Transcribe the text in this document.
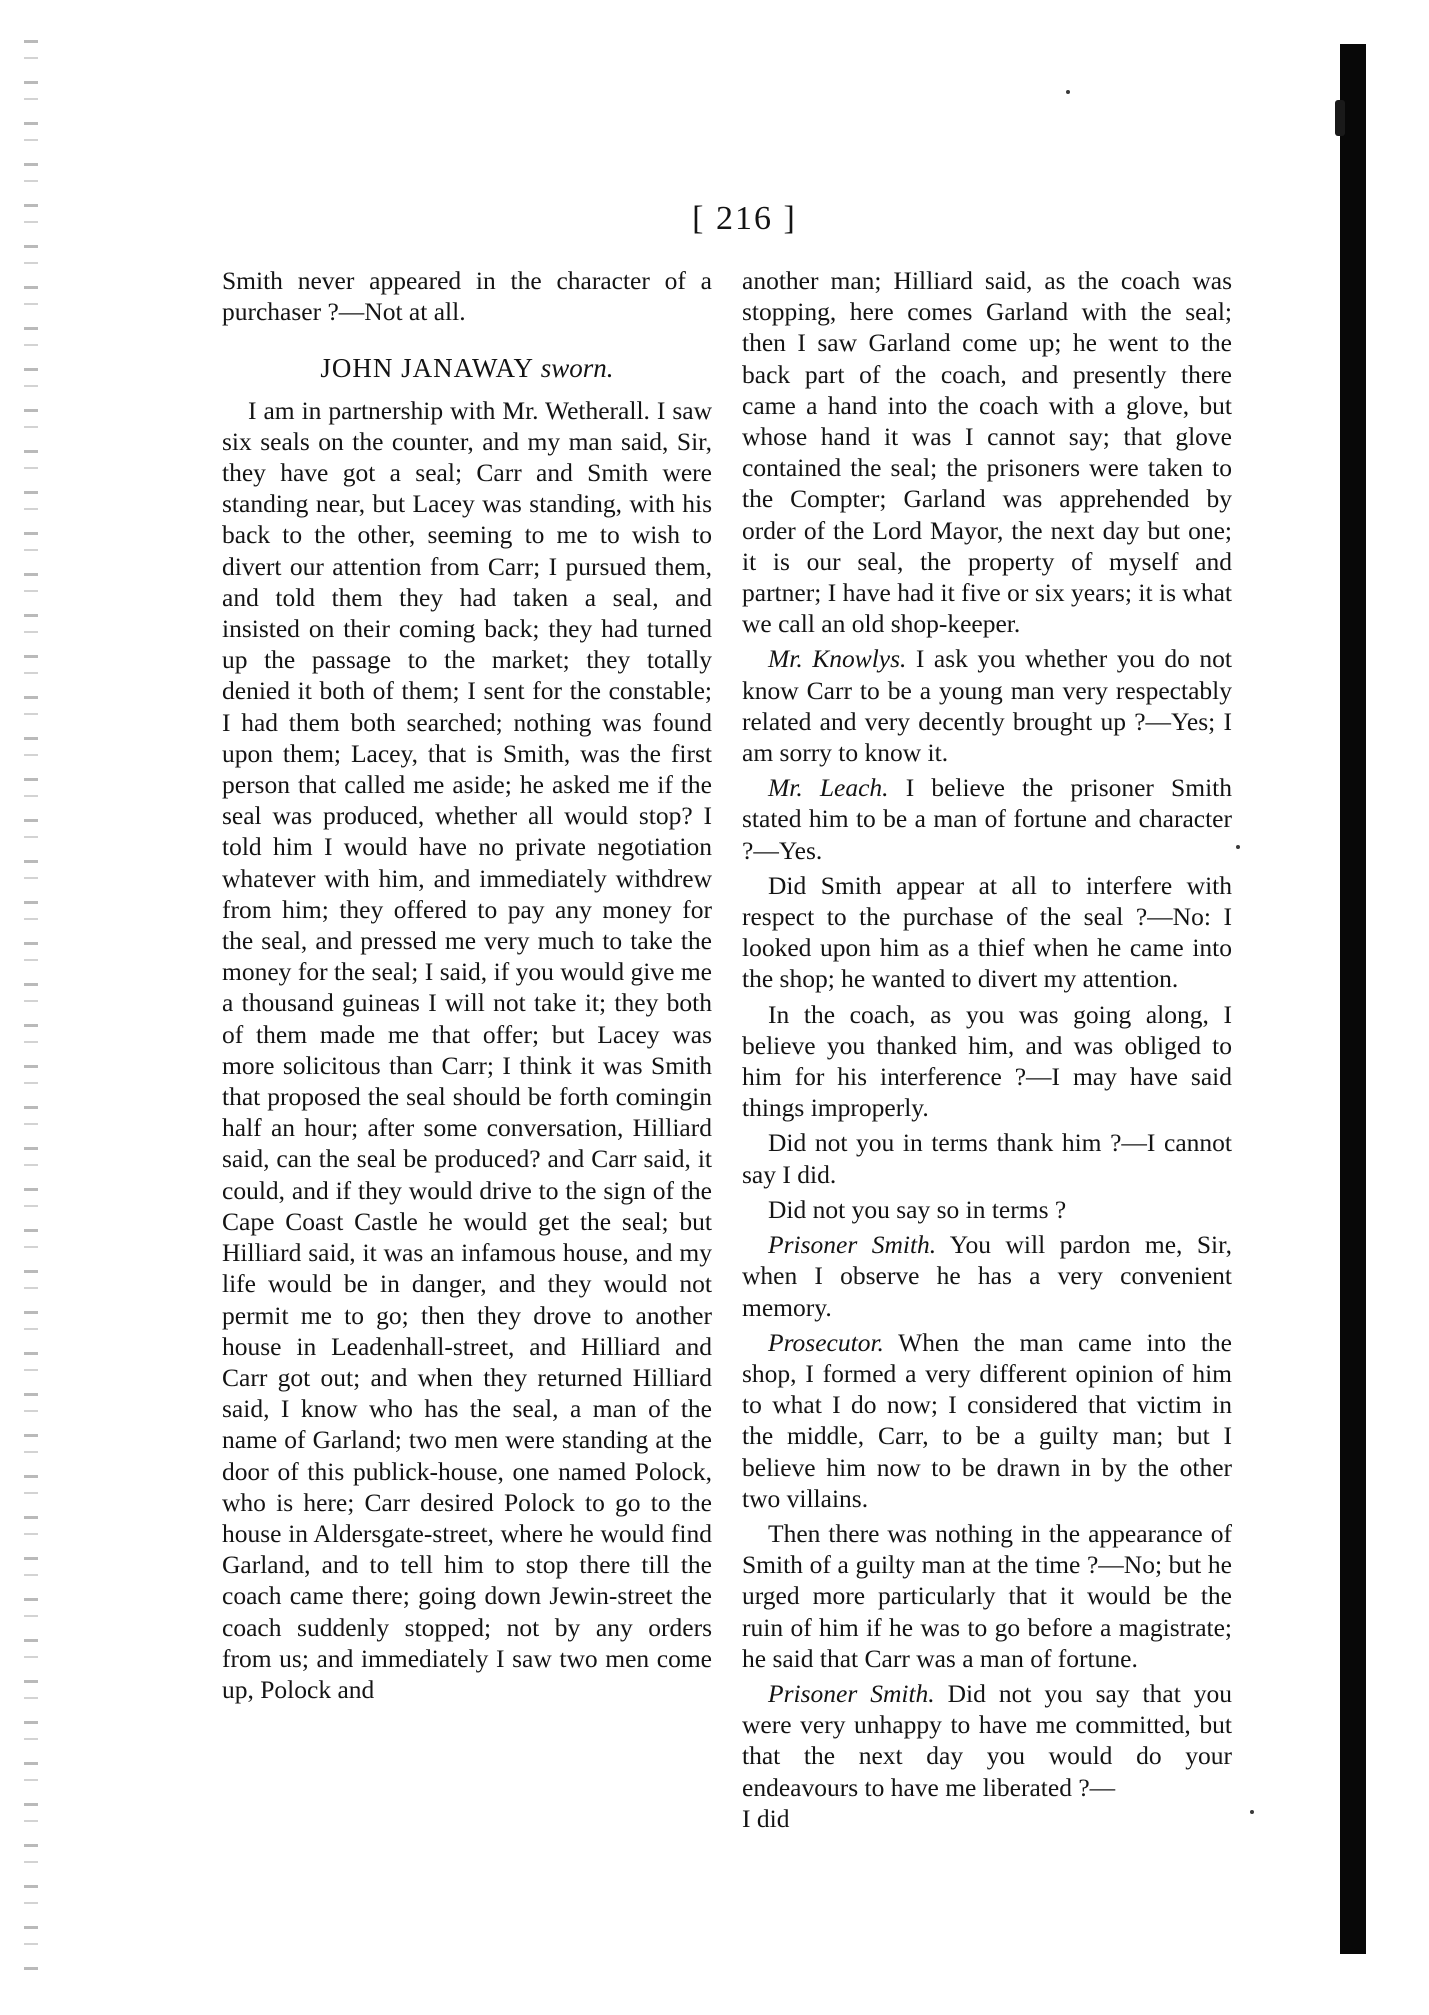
[ 216 ]

Smith never appeared in the character of a purchaser ?—Not at all.

JOHN JANAWAY sworn.

I am in partnership with Mr. Wetherall. I saw six seals on the counter, and my man said, Sir, they have got a seal; Carr and Smith were standing near, but Lacey was standing, with his back to the other, seeming to me to wish to divert our attention from Carr; I pursued them, and told them they had taken a seal, and insisted on their coming back; they had turned up the passage to the market; they totally denied it both of them; I sent for the constable; I had them both searched; nothing was found upon them; Lacey, that is Smith, was the first person that called me aside; he asked me if the seal was produced, whether all would stop? I told him I would have no private negotiation whatever with him, and immediately withdrew from him; they offered to pay any money for the seal, and pressed me very much to take the money for the seal; I said, if you would give me a thousand guineas I will not take it; they both of them made me that offer; but Lacey was more solicitous than Carr; I think it was Smith that proposed the seal should be forth comingin half an hour; after some conversation, Hilliard said, can the seal be produced? and Carr said, it could, and if they would drive to the sign of the Cape Coast Castle he would get the seal; but Hilliard said, it was an infamous house, and my life would be in danger, and they would not permit me to go; then they drove to another house in Leadenhall-street, and Hilliard and Carr got out; and when they returned Hilliard said, I know who has the seal, a man of the name of Garland; two men were standing at the door of this publick-house, one named Polock, who is here; Carr desired Polock to go to the house in Aldersgate-street, where he would find Garland, and to tell him to stop there till the coach came there; going down Jewin-street the coach suddenly stopped; not by any orders from us; and immediately I saw two men come up, Polock and

another man; Hilliard said, as the coach was stopping, here comes Garland with the seal; then I saw Garland come up; he went to the back part of the coach, and presently there came a hand into the coach with a glove, but whose hand it was I cannot say; that glove contained the seal; the prisoners were taken to the Compter; Garland was apprehended by order of the Lord Mayor, the next day but one; it is our seal, the property of myself and partner; I have had it five or six years; it is what we call an old shop-keeper.

Mr. Knowlys. I ask you whether you do not know Carr to be a young man very respectably related and very decently brought up ?—Yes; I am sorry to know it.

Mr. Leach. I believe the prisoner Smith stated him to be a man of fortune and character ?—Yes.

Did Smith appear at all to interfere with respect to the purchase of the seal ?—No: I looked upon him as a thief when he came into the shop; he wanted to divert my attention.

In the coach, as you was going along, I believe you thanked him, and was obliged to him for his interference ?—I may have said things improperly.

Did not you in terms thank him ?—I cannot say I did.

Did not you say so in terms ?

Prisoner Smith. You will pardon me, Sir, when I observe he has a very convenient memory.

Prosecutor. When the man came into the shop, I formed a very different opinion of him to what I do now; I considered that victim in the middle, Carr, to be a guilty man; but I believe him now to be drawn in by the other two villains.

Then there was nothing in the appearance of Smith of a guilty man at the time ?—No; but he urged more particularly that it would be the ruin of him if he was to go before a magistrate; he said that Carr was a man of fortune.

Prisoner Smith. Did not you say that you were very unhappy to have me committed, but that the next day you would do your endeavours to have me liberated ?—

I did
